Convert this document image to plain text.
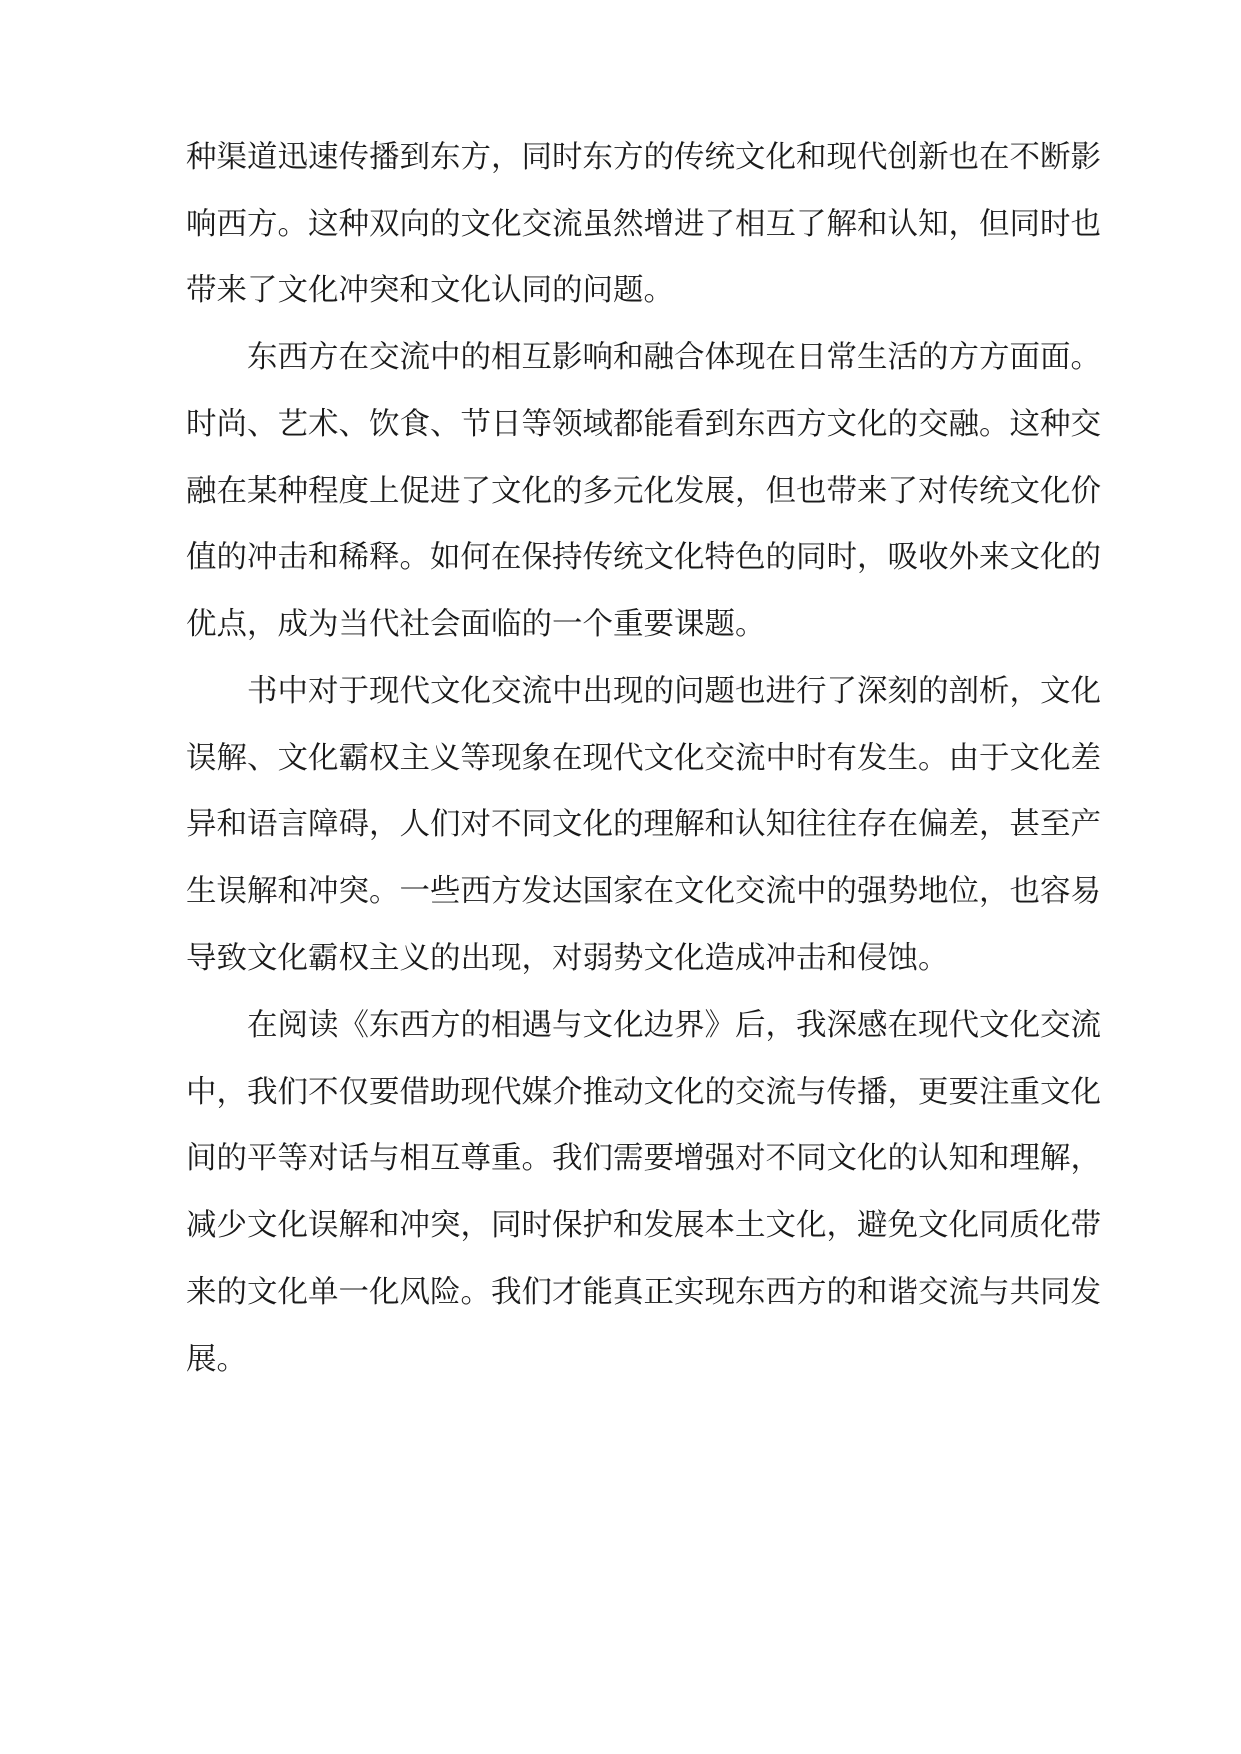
种渠道迅速传播到东方，同时东方的传统文化和现代创新也在不断影
响西方。这种双向的文化交流虽然增进了相互了解和认知，但同时也
带来了文化冲突和文化认同的问题。
东西方在交流中的相互影响和融合体现在日常生活的方方面面。
时尚、艺术、饮食、节日等领域都能看到东西方文化的交融。这种交
融在某种程度上促进了文化的多元化发展，但也带来了对传统文化价
值的冲击和稀释。如何在保持传统文化特色的同时，吸收外来文化的
优点，成为当代社会面临的一个重要课题。
书中对于现代文化交流中出现的问题也进行了深刻的剖析，文化
误解、文化霸权主义等现象在现代文化交流中时有发生。由于文化差
异和语言障碍，人们对不同文化的理解和认知往往存在偏差，甚至产
生误解和冲突。一些西方发达国家在文化交流中的强势地位，也容易
导致文化霸权主义的出现，对弱势文化造成冲击和侵蚀。
在阅读《东西方的相遇与文化边界》后，我深感在现代文化交流
中，我们不仅要借助现代媒介推动文化的交流与传播，更要注重文化
间的平等对话与相互尊重。我们需要增强对不同文化的认知和理解，
减少文化误解和冲突，同时保护和发展本土文化，避免文化同质化带
来的文化单一化风险。我们才能真正实现东西方的和谐交流与共同发
展。
